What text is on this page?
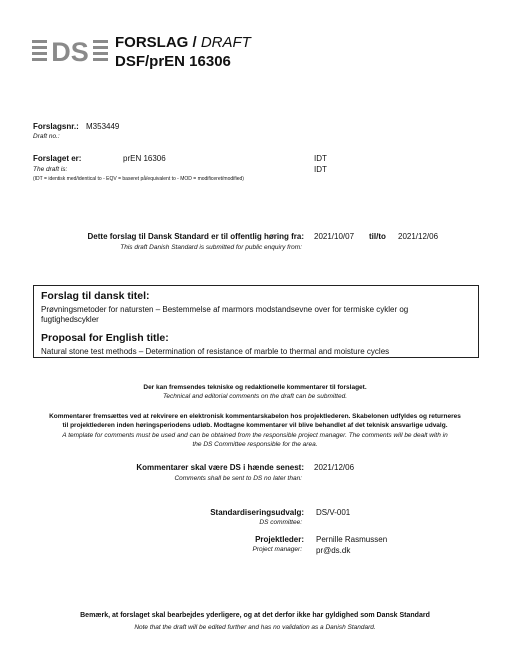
DS FORSLAG / DRAFT
DSF/prEN 16306
Forslagsnr.: M353449
Draft no.:
Forslaget er:	prEN 16306	IDT
The draft is:	IDT
(IDT = identisk med/identical to - EQV = baseret på/equivalent to - MOD = modificeret/modified)
Dette forslag til Dansk Standard er til offentlig høring fra: 2021/10/07 til/to 2021/12/06
This draft Danish Standard is submitted for public enquiry from:
Forslag til dansk titel:
Prøvningsmetoder for natursten – Bestemmelse af marmors modstandsevne over for termiske cykler og fugtighedscykler
Proposal for English title:
Natural stone test methods – Determination of resistance of marble to thermal and moisture cycles
Der kan fremsendes tekniske og redaktionelle kommentarer til forslaget.
Technical and editorial comments on the draft can be submitted.
Kommentarer fremsættes ved at rekvirere en elektronisk kommentarskabelon hos projektlederen. Skabelonen udfyldes og returneres
til projektlederen inden høringsperiodens udløb. Modtagne kommentarer vil blive behandlet af det teknisk ansvarlige udvalg.
A template for comments must be used and can be obtained from the responsible project manager. The comments will be dealt with in
the DS Committee responsible for the area.
Kommentarer skal være DS i hænde senest: 2021/12/06
Comments shall be sent to DS no later than:
Standardiseringsudvalg: DS/V-001
DS committee:
Projektleder: Pernille Rasmussen
Project manager: pr@ds.dk
Bemærk, at forslaget skal bearbejdes yderligere, og at det derfor ikke har gyldighed som Dansk Standard
Note that the draft will be edited further and has no validation as a Danish Standard.
